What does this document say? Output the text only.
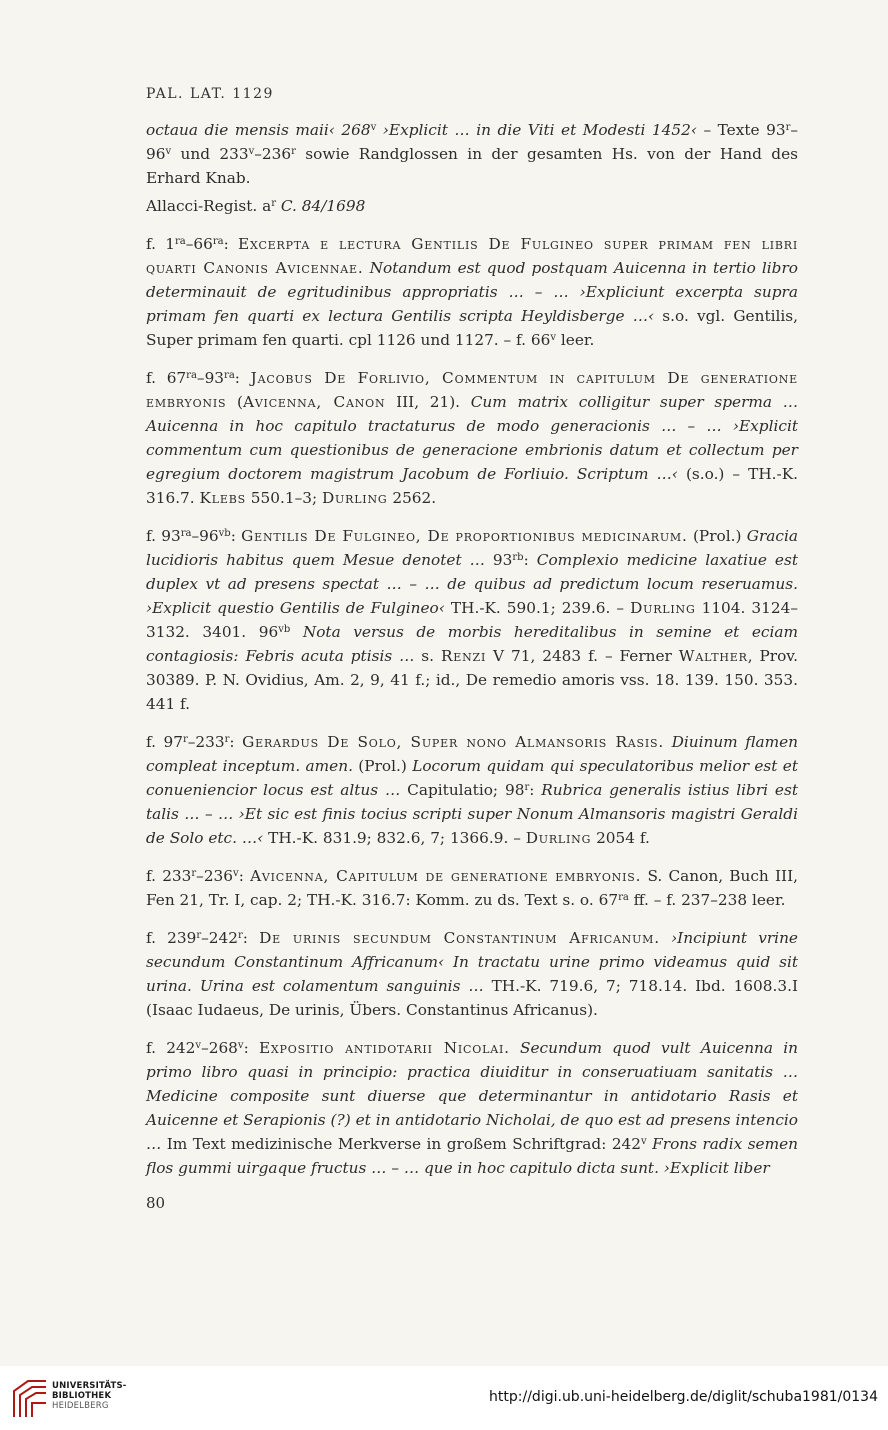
PAL. LAT. 1129

octaua die mensis maii‹ 268$^v$ ›Explicit … in die Viti et Modesti 1452‹ – Texte 93$^r$–96$^v$ und 233$^v$–236$^r$ sowie Randglossen in der gesamten Hs. von der Hand des Erhard Knab.

Allacci-Regist. $a^r$ C. 84/1698

f. $1^{ra}-66^{ra}$: Excerpta e lectura Gentilis De Fulgineo super primam fen libri quarti Canonis Avicennae. Notandum est quod postquam Auicenna in tertio libro determinauit de egritudinibus appropriatis … – … ›Expliciunt excerpta supra primam fen quarti ex lectura Gentilis scripta Heyldisberge …‹ s.o. vgl. Gentilis, Super primam fen quarti. cpl 1126 und 1127. – f. 66$^v$ leer.

f. $67^{ra}-93^{ra}$: Jacobus De Forlivio, Commentum in capitulum De generatione embryonis (Avicenna, Canon III, 21). Cum matrix colligitur super sperma … Auicenna in hoc capitulo tractaturus de modo generacionis … – … ›Explicit commentum cum questionibus de generacione embrionis datum et collectum per egregium doctorem magistrum Jacobum de Forliuio. Scriptum …‹ (s.o.) – TH.-K. 316.7. Klebs 550.1–3; Durling 2562.

f. $93^{ra}-96^{vb}$: Gentilis De Fulgineo, De proportionibus medicinarum. (Prol.) Gracia lucidioris habitus quem Mesue denotet … $93^{rb}$: Complexio medicine laxatiue est duplex vt ad presens spectat … – … de quibus ad predictum locum reseruamus. ›Explicit questio Gentilis de Fulgineo‹ TH.-K. 590.1; 239.6. – Durling 1104. 3124–3132. 3401. $96^{vb}$ Nota versus de morbis hereditalibus in semine et eciam contagiosis: Febris acuta ptisis … s. Renzi V 71, 2483 f. – Ferner Walther, Prov. 30389. P. N. Ovidius, Am. 2, 9, 41 f.; id., De remedio amoris vss. 18. 139. 150. 353. 441 f.

f. 97$^r$–233$^r$: Gerardus De Solo, Super nono Almansoris Rasis. Diuinum flamen compleat inceptum. amen. (Prol.) Locorum quidam qui speculatoribus melior est et conueniencior locus est altus … Capitulatio; 98$^r$: Rubrica generalis istius libri est talis … – … ›Et sic est finis tocius scripti super Nonum Almansoris magistri Geraldi de Solo etc. …‹ TH.-K. 831.9; 832.6, 7; 1366.9. – Durling 2054 f.

f. 233$^r$–236$^v$: Avicenna, Capitulum de generatione embryonis. S. Canon, Buch III, Fen 21, Tr. I, cap. 2; TH.-K. 316.7: Komm. zu ds. Text s. o. $67^{ra}$ ff. – f. 237–238 leer.

f. 239$^r$–242$^r$: De urinis secundum Constantinum Africanum. ›Incipiunt vrine secundum Constantinum Affricanum‹ In tractatu urine primo videamus quid sit urina. Urina est colamentum sanguinis … TH.-K. 719.6, 7; 718.14. Ibd. 1608.3.I (Isaac Iudaeus, De urinis, Übers. Constantinus Africanus).

f. 242$^v$–268$^v$: Expositio antidotarii Nicolai. Secundum quod vult Auicenna in primo libro quasi in principio: practica diuiditur in conseruatiuam sanitatis … Medicine composite sunt diuerse que determinantur in antidotario Rasis et Auicenne et Serapionis (?) et in antidotario Nicholai, de quo est ad presens intencio … Im Text medizinische Merkverse in großem Schriftgrad: 242$^v$ Frons radix semen flos gummi uirgaque fructus … – … que in hoc capitulo dicta sunt. ›Explicit liber

80
UNIVERSITÄTS-
BIBLIOTHEK
HEIDELBERG
http://digi.ub.uni-heidelberg.de/diglit/schuba1981/0134
